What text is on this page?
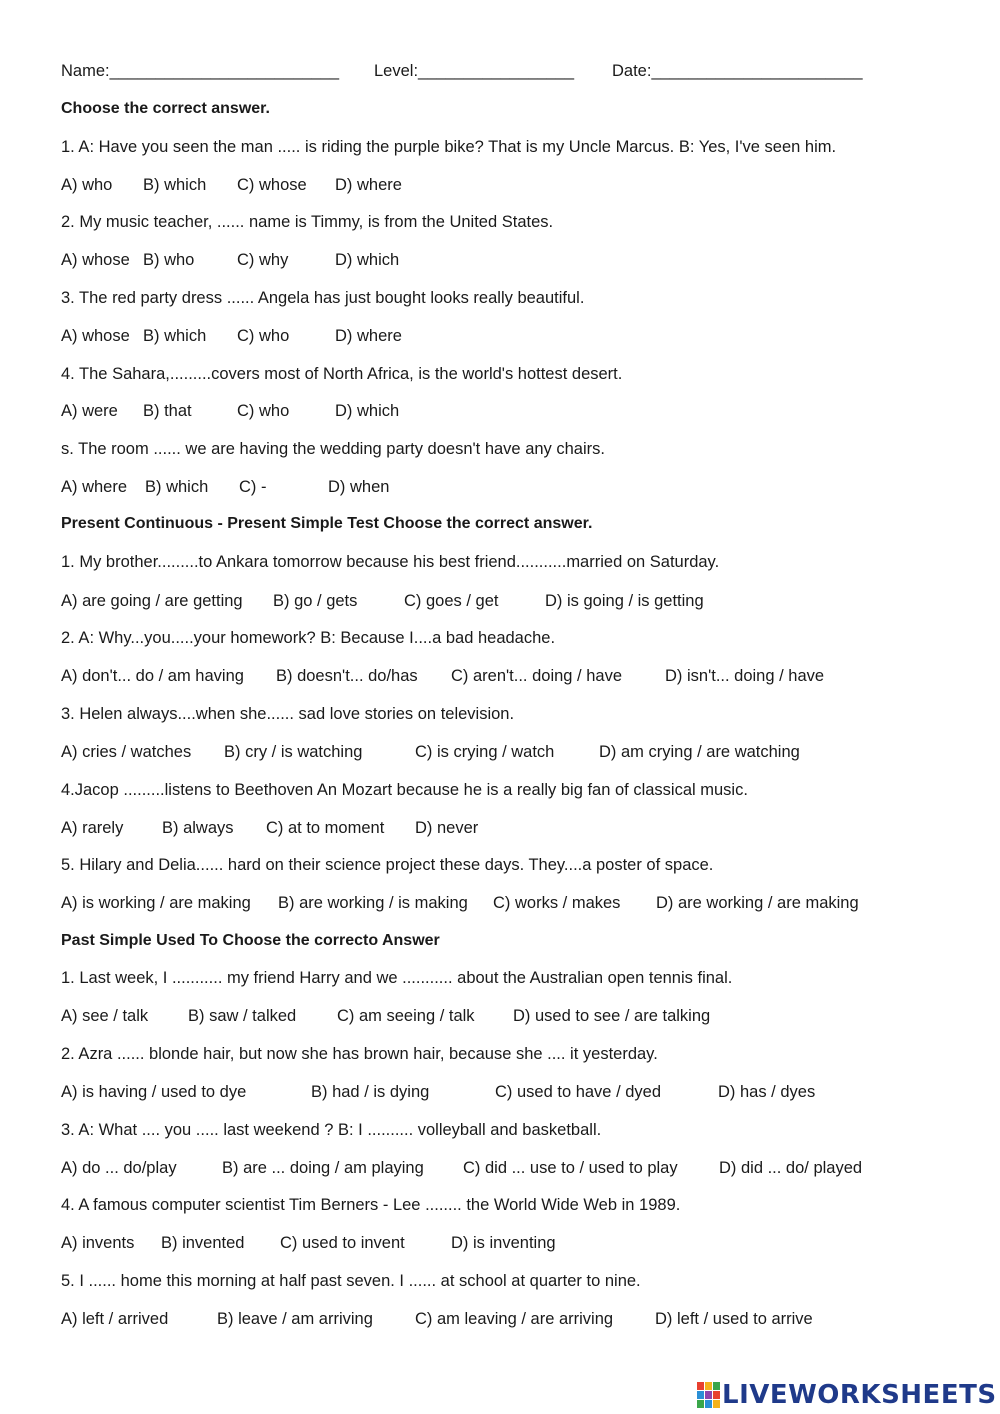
Name:_________________________ Level:_________________ Date:_______________________
Choose the correct answer.
1. A: Have you seen the man ..... is riding the purple bike? That is my Uncle Marcus. B: Yes, I've seen him.
A) who B) which C) whose D) where
2. My music teacher, ...... name is Timmy, is from the United States.
A) whose B) who	C) why	D) which
3. The red party dress ...... Angela has just bought looks really beautiful.
A) whose B) which C) who	D) where
4. The Sahara,.........covers most of North Africa, is the world's hottest desert.
A) were B) that	C) who	D) which
s. The room ...... we are having the wedding party doesn't have any chairs.
A) where B) which C) -	D) when
Present Continuous - Present Simple Test Choose the correct answer.
1. My brother.........to Ankara tomorrow because his best friend...........married on Saturday.
A) are going / are getting B) go / gets	C) goes / get	D) is going / is getting
2. A: Why...you.....your homework? B: Because I....a bad headache.
A) don't... do / am having B) doesn't... do/has C) aren't... doing / have	D) isn't... doing / have
3. Helen always....when she...... sad love stories on television.
A) cries / watches B) cry / is watching	C) is crying / watch	D) am crying / are watching
4.Jacop .........listens to Beethoven An Mozart because he is a really big fan of classical music.
A) rarely B) always C) at to moment D) never
5. Hilary and Delia...... hard on their science project these days. They....a poster of space.
A) is working / are making B) are working / is making C) works / makes D) are working / are making
Past Simple Used To Choose the correcto Answer
1. Last week, I ........... my friend Harry and we ........... about the Australian open tennis final.
A) see / talk B) saw / talked C) am seeing / talk D) used to see / are talking
2. Azra ...... blonde hair, but now she has brown hair, because she .... it yesterday.
A) is having / used to dye	B) had / is dying	C) used to have / dyed	D) has / dyes
3. A: What .... you ..... last weekend ? B: I .......... volleyball and basketball.
A) do ... do/play	B) are ... doing / am playing C) did ... use to / used to play	D) did ... do/ played
4. A famous computer scientist Tim Berners - Lee ........ the World Wide Web in 1989.
A) invents B) invented C) used to invent	D) is inventing
5. I ...... home this morning at half past seven. I ...... at school at quarter to nine.
A) left / arrived	B) leave / am arriving	C) am leaving / are arriving	D) left / used to arrive
LIVEWORKSHEETS
